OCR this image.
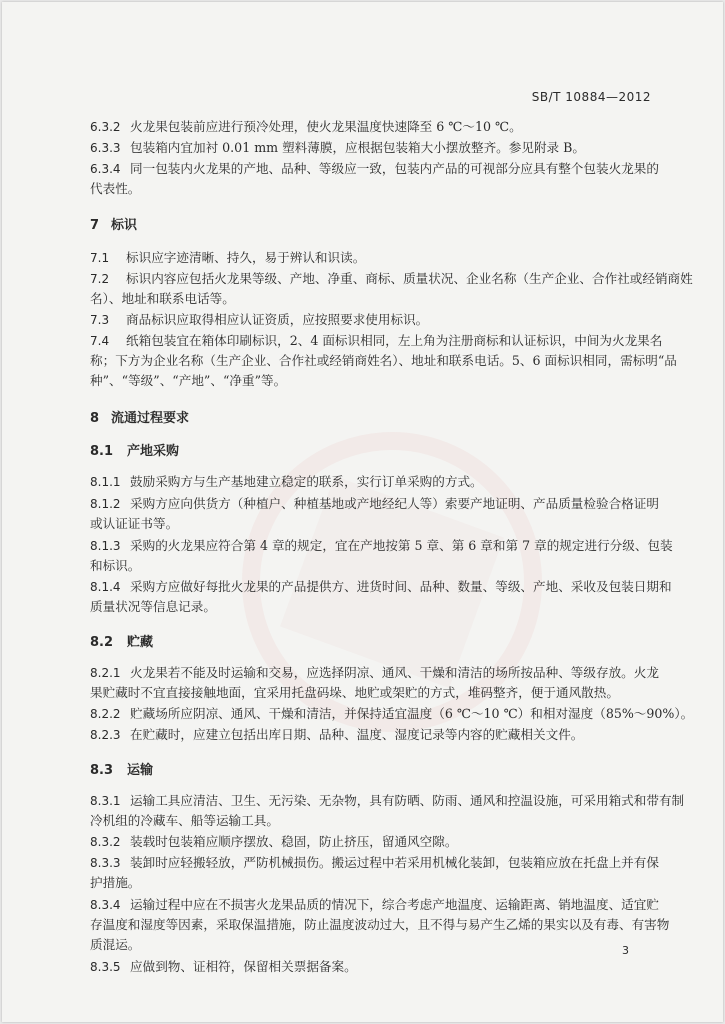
SB/T 10884—2012
6.3.2 火龙果包装前应进行预冷处理，使火龙果温度快速降至 6 ℃～10 ℃。
6.3.3 包装箱内宜加衬 0.01 mm 塑料薄膜，应根据包装箱大小摆放整齐。参见附录 B。
6.3.4 同一包装内火龙果的产地、品种、等级应一致，包装内产品的可视部分应具有整个包装火龙果的
代表性。
7 标识
7.1 标识应字迹清晰、持久，易于辨认和识读。
7.2 标识内容应包括火龙果等级、产地、净重、商标、质量状况、企业名称（生产企业、合作社或经销商姓
名）、地址和联系电话等。
7.3 商品标识应取得相应认证资质，应按照要求使用标识。
7.4 纸箱包装宜在箱体印刷标识，2、4 面标识相同，左上角为注册商标和认证标识，中间为火龙果名
称；下方为企业名称（生产企业、合作社或经销商姓名）、地址和联系电话。5、6 面标识相同，需标明“品
种”、“等级”、“产地”、“净重”等。
8 流通过程要求
8.1 产地采购
8.1.1 鼓励采购方与生产基地建立稳定的联系，实行订单采购的方式。
8.1.2 采购方应向供货方（种植户、种植基地或产地经纪人等）索要产地证明、产品质量检验合格证明
或认证证书等。
8.1.3 采购的火龙果应符合第 4 章的规定，宜在产地按第 5 章、第 6 章和第 7 章的规定进行分级、包装
和标识。
8.1.4 采购方应做好每批火龙果的产品提供方、进货时间、品种、数量、等级、产地、采收及包装日期和
质量状况等信息记录。
8.2 贮藏
8.2.1 火龙果若不能及时运输和交易，应选择阴凉、通风、干燥和清洁的场所按品种、等级存放。火龙
果贮藏时不宜直接接触地面，宜采用托盘码垛、地贮或架贮的方式，堆码整齐，便于通风散热。
8.2.2 贮藏场所应阴凉、通风、干燥和清洁，并保持适宜温度（6 ℃～10 ℃）和相对湿度（85%～90%）。
8.2.3 在贮藏时，应建立包括出库日期、品种、温度、湿度记录等内容的贮藏相关文件。
8.3 运输
8.3.1 运输工具应清洁、卫生、无污染、无杂物，具有防晒、防雨、通风和控温设施，可采用箱式和带有制
冷机组的冷藏车、船等运输工具。
8.3.2 装载时包装箱应顺序摆放、稳固，防止挤压，留通风空隙。
8.3.3 装卸时应轻搬轻放，严防机械损伤。搬运过程中若采用机械化装卸，包装箱应放在托盘上并有保
护措施。
8.3.4 运输过程中应在不损害火龙果品质的情况下，综合考虑产地温度、运输距离、销地温度、适宜贮
存温度和湿度等因素，采取保温措施，防止温度波动过大，且不得与易产生乙烯的果实以及有毒、有害物
质混运。
8.3.5 应做到物、证相符，保留相关票据备案。
3
